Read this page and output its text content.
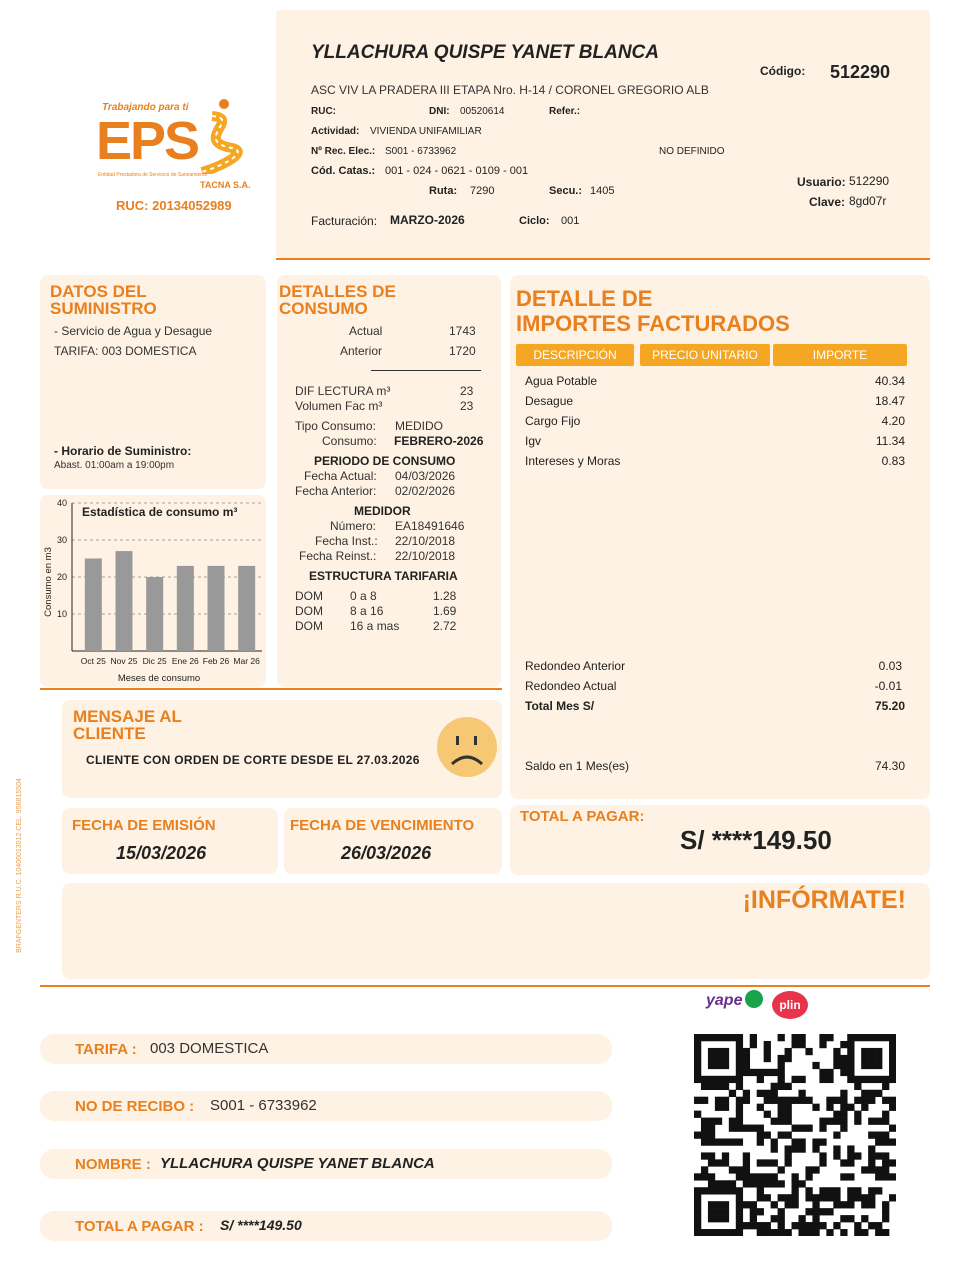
Trabajando para ti
EPS
Entidad Prestadora de Servicios de Saneamiento
TACNA S.A.
RUC: 20134052989
YLLACHURA QUISPE YANET BLANCA
ASC VIV LA PRADERA III ETAPA Nro. H-14 / CORONEL GREGORIO ALB
Código: 512290
RUC:	DNI: 00520614	Refer.:
Actividad: VIVIENDA UNIFAMILIAR
Nº Rec. Elec.: S001 - 6733962	NO DEFINIDO
Cód. Catas.: 001 - 024 - 0621 - 0109 - 001
Ruta: 7290	Secu.: 1405
Usuario: 512290
Clave: 8gd07r
Facturación: MARZO-2026	Ciclo: 001
DATOS DEL
SUMINISTRO
- Servicio de Agua y Desague
TARIFA: 003 DOMESTICA
- Horario de Suministro:
Abast. 01:00am a 19:00pm
10
20
30
40
Oct 25 Nov 25 Dic 25 Ene 26 Feb 26 Mar 26
Estadística de consumo m³
Meses de consumo
Consumo en m3
DETALLES DE
CONSUMO
Actual	1743
Anterior	1720
DIF LECTURA m³	23
Volumen Fac m³	23
Tipo Consumo: MEDIDO
Consumo: FEBRERO-2026
PERIODO DE CONSUMO
Fecha Actual: 04/03/2026
Fecha Anterior: 02/02/2026
MEDIDOR
Número: EA18491646
Fecha Inst.: 22/10/2018
Fecha Reinst.: 22/10/2018
ESTRUCTURA TARIFARIA
DOM 0 a 8	1.28
DOM 8 a 16	1.69
DOM 16 a mas	2.72
DETALLE DE
IMPORTES FACTURADOS
DESCRIPCIÓN	PRECIO UNITARIO	IMPORTE
Agua Potable	40.34
Desague	18.47
Cargo Fijo	4.20
Igv	11.34
Intereses y Moras	0.83
Redondeo Anterior	0.03
Redondeo Actual	-0.01
Total Mes S/	75.20
Saldo en 1 Mes(es)	74.30
MENSAJE AL
CLIENTE
CLIENTE CON ORDEN DE CORTE DESDE EL 27.03.2026
FECHA DE EMISIÓN
15/03/2026
FECHA DE VENCIMIENTO
26/03/2026
TOTAL A PAGAR:
S/ ****149.50
¡INFÓRMATE!
BRAFGENTERS R.U.C. 10406013012 CEL. 956815504
yape	plin
TARIFA : 003 DOMESTICA
NO DE RECIBO : S001 - 6733962
NOMBRE : YLLACHURA QUISPE YANET BLANCA
TOTAL A PAGAR : S/ ****149.50
